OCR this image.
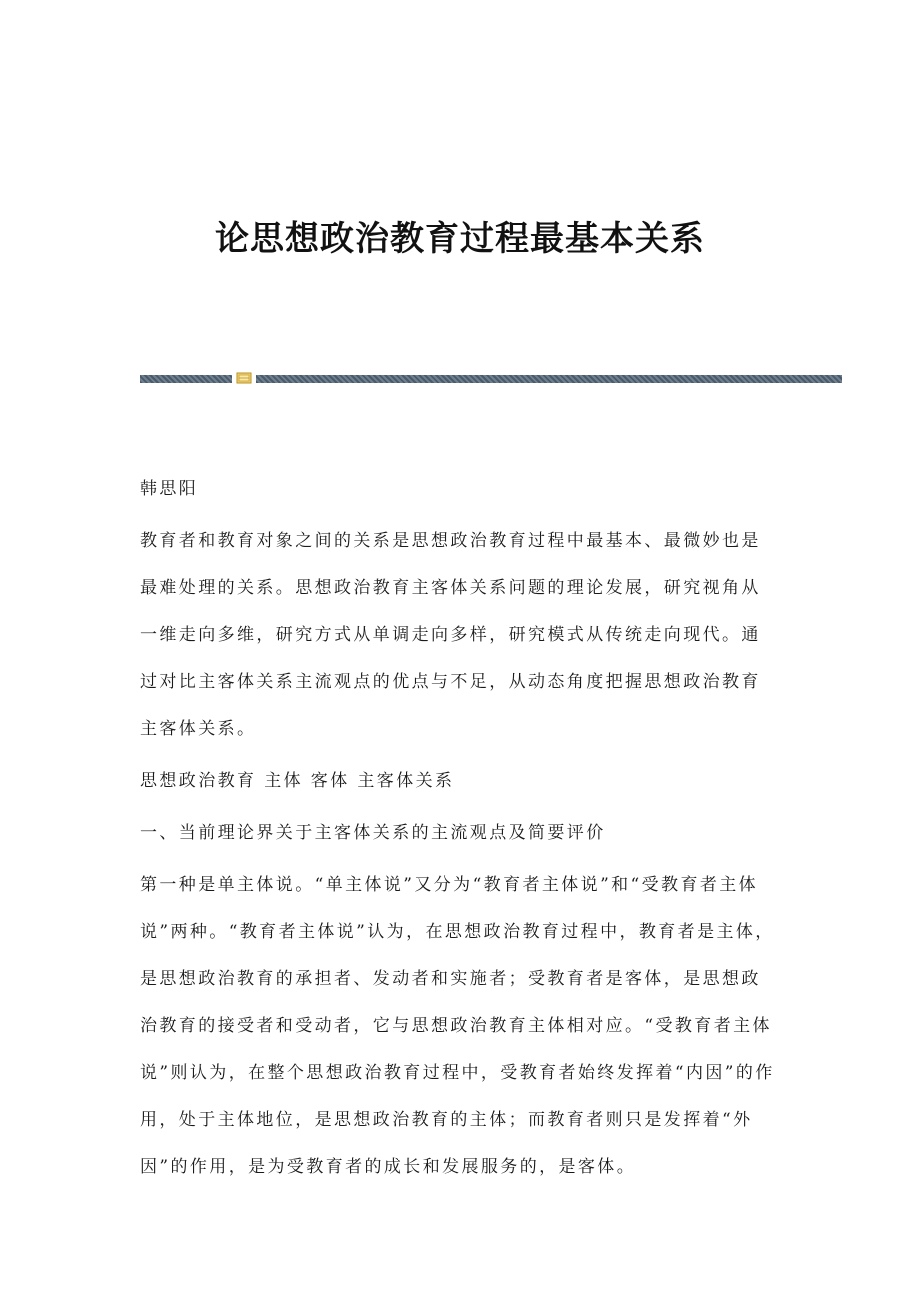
论思想政治教育过程最基本关系

韩思阳

教育者和教育对象之间的关系是思想政治教育过程中最基本、最微妙也是最难处理的关系。思想政治教育主客体关系问题的理论发展，研究视角从一维走向多维，研究方式从单调走向多样，研究模式从传统走向现代。通过对比主客体关系主流观点的优点与不足，从动态角度把握思想政治教育主客体关系。

思想政治教育 主体 客体 主客体关系

一、当前理论界关于主客体关系的主流观点及简要评价

第一种是单主体说。“单主体说”又分为“教育者主体说”和“受教育者主体说”两种。“教育者主体说”认为，在思想政治教育过程中，教育者是主体，是思想政治教育的承担者、发动者和实施者；受教育者是客体，是思想政治教育的接受者和受动者，它与思想政治教育主体相对应。“受教育者主体说”则认为，在整个思想政治教育过程中，受教育者始终发挥着“内因”的作用，处于主体地位，是思想政治教育的主体；而教育者则只是发挥着“外因”的作用，是为受教育者的成长和发展服务的，是客体。
